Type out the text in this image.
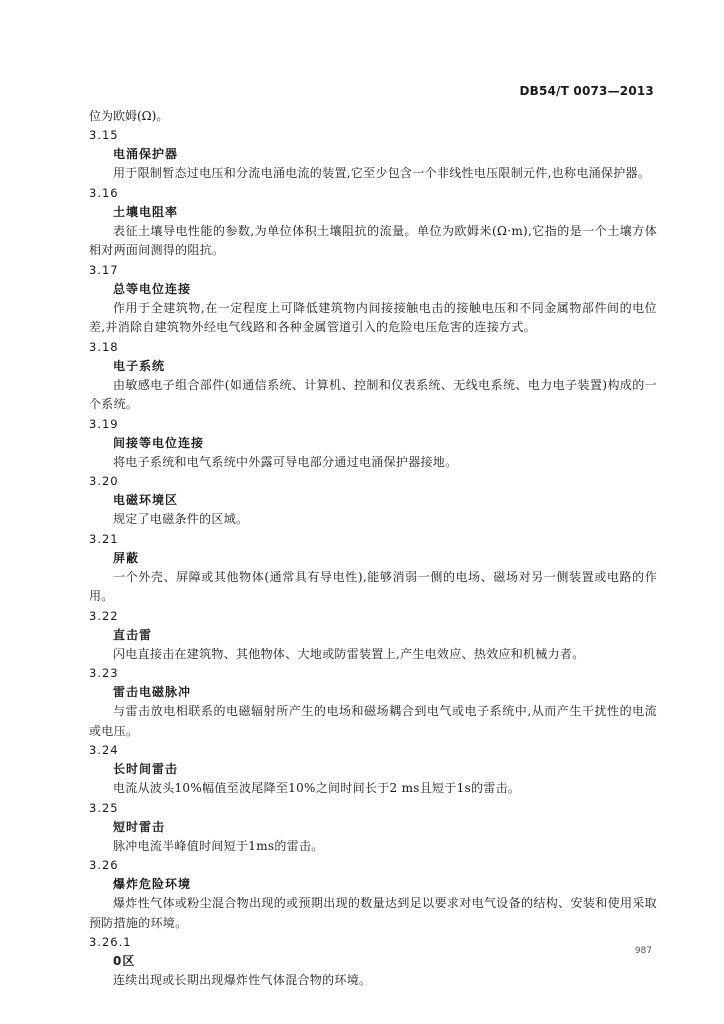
DB54/T 0073—2013
位为欧姆(Ω)。
3.15
电涌保护器

用于限制暂态过电压和分流电涌电流的装置,它至少包含一个非线性电压限制元件,也称电涌保护器。

3.16
土壤电阻率

表征土壤导电性能的参数,为单位体积土壤阻抗的流量。单位为欧姆米(Ω·m),它指的是一个土壤方体相对两面间测得的阻抗。

3.17
总等电位连接

作用于全建筑物,在一定程度上可降低建筑物内间接接触电击的接触电压和不同金属物部件间的电位差,并消除自建筑物外经电气线路和各种金属管道引入的危险电压危害的连接方式。

3.18
电子系统

由敏感电子组合部件(如通信系统、计算机、控制和仪表系统、无线电系统、电力电子装置)构成的一个系统。

3.19
间接等电位连接

将电子系统和电气系统中外露可导电部分通过电涌保护器接地。

3.20
电磁环境区

规定了电磁条件的区域。

3.21
屏蔽

一个外壳、屏障或其他物体(通常具有导电性),能够消弱一侧的电场、磁场对另一侧装置或电路的作用。

3.22
直击雷

闪电直接击在建筑物、其他物体、大地或防雷装置上,产生电效应、热效应和机械力者。

3.23
雷击电磁脉冲

与雷击放电相联系的电磁辐射所产生的电场和磁场耦合到电气或电子系统中,从而产生干扰性的电流或电压。

3.24
长时间雷击

电流从波头10%幅值至波尾降至10%之间时间长于2 ms且短于1s的雷击。

3.25
短时雷击

脉冲电流半峰值时间短于1ms的雷击。

3.26
爆炸危险环境

爆炸性气体或粉尘混合物出现的或预期出现的数量达到足以要求对电气设备的结构、安装和使用采取预防措施的环境。

3.26.1
0区

连续出现或长期出现爆炸性气体混合物的环境。

987
